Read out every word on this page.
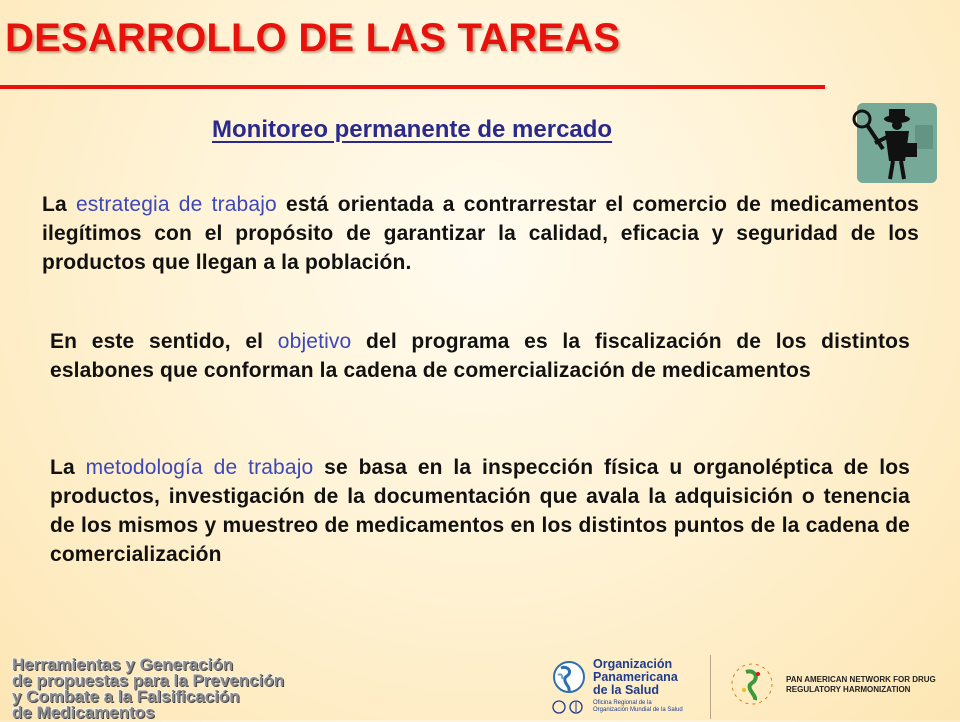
DESARROLLO DE LAS TAREAS
Monitoreo permanente de mercado

La estrategia de trabajo está orientada a contrarrestar el comercio de medicamentos ilegítimos con el propósito de garantizar la calidad, eficacia y seguridad de los productos que llegan a la población.

En este sentido, el objetivo del programa es la fiscalización de los distintos eslabones que conforman la cadena de comercialización de medicamentos

La metodología de trabajo se basa en la inspección física u organoléptica de los productos, investigación de la documentación que avala la adquisición o tenencia de los mismos y muestreo de medicamentos en los distintos puntos de la cadena de comercialización

Herramientas y Generación
de propuestas para la Prevención
y Combate a la Falsificación
de Medicamentos
Organización
Panamericana
de la Salud
Oficina Regional de la
Organización Mundial de la Salud
PAN AMERICAN NETWORK FOR DRUG
REGULATORY HARMONIZATION
